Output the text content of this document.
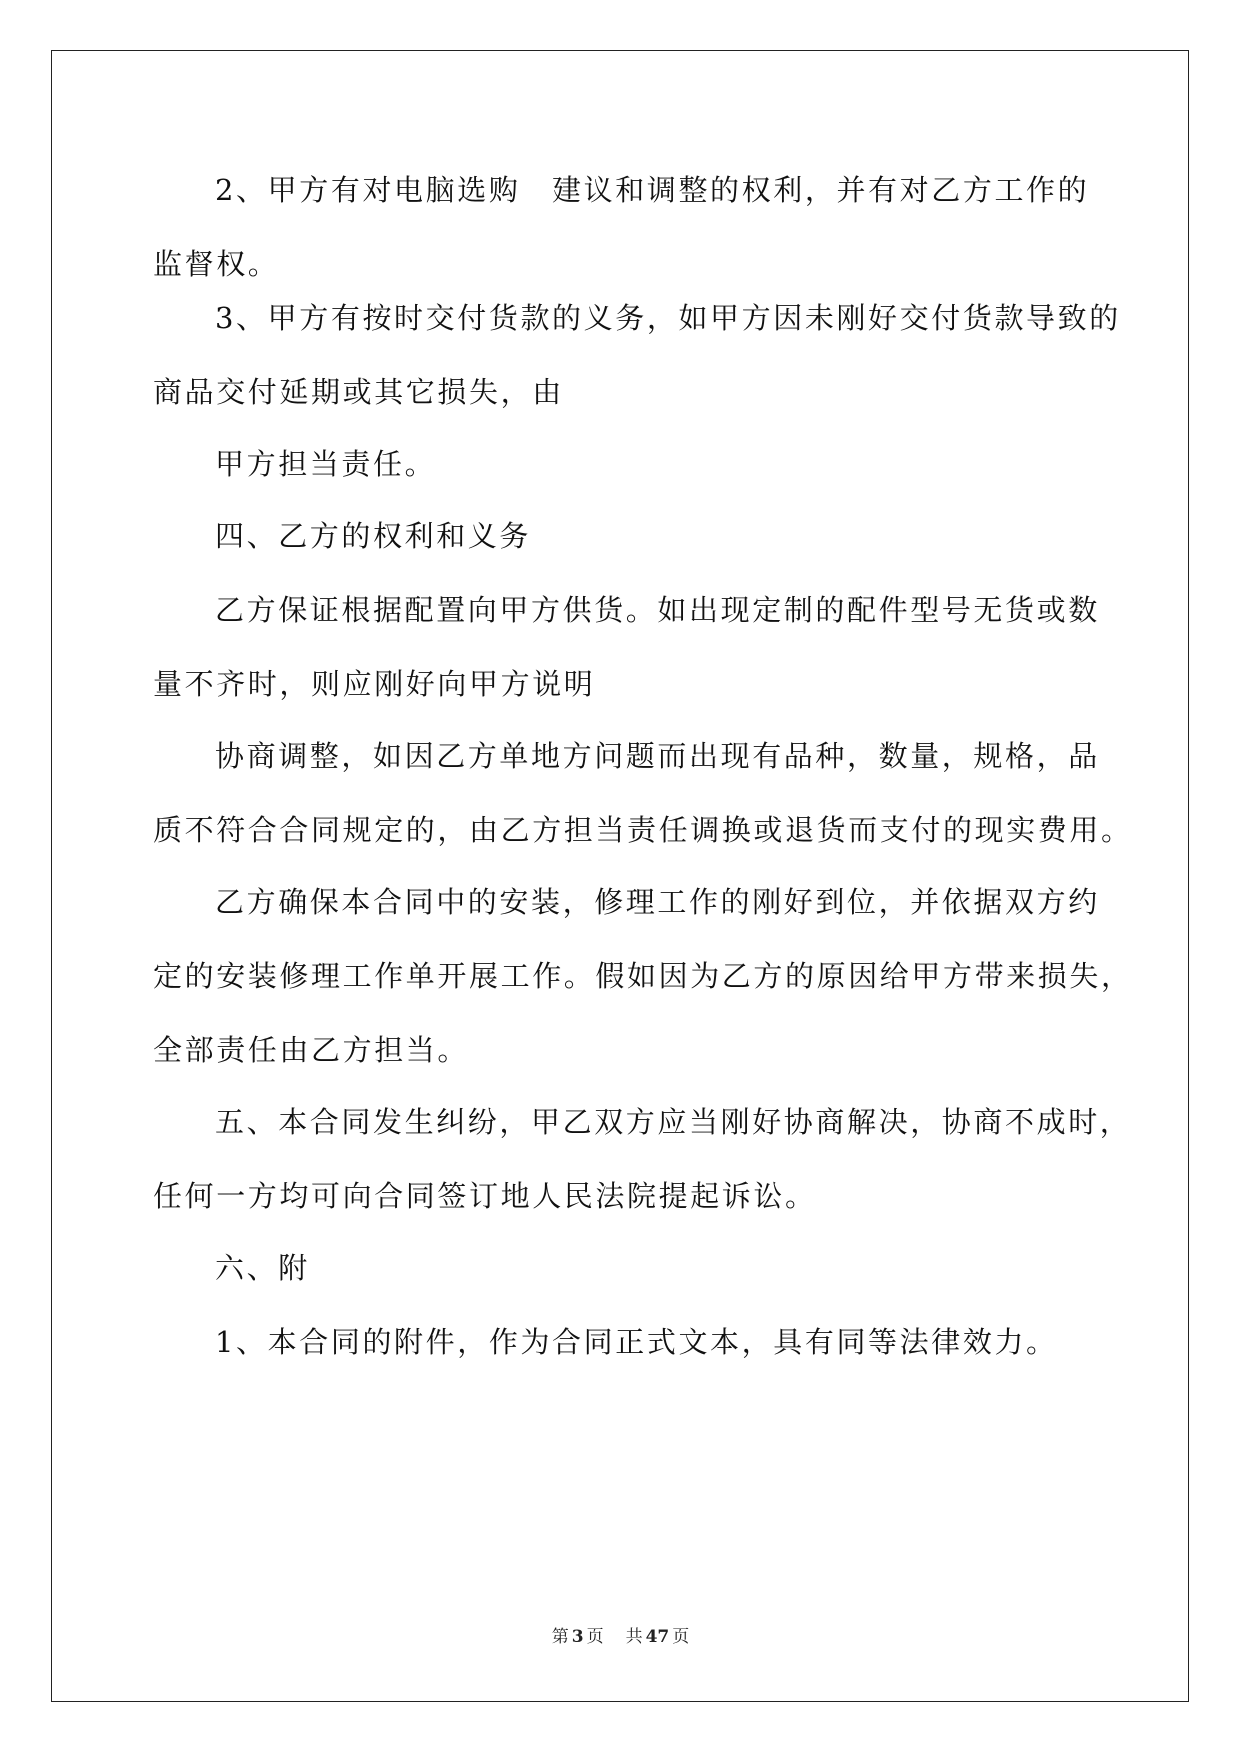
2、甲方有对电脑选购　建议和调整的权利，并有对乙方工作的
监督权。
3、甲方有按时交付货款的义务，如甲方因未刚好交付货款导致的
商品交付延期或其它损失，由
甲方担当责任。
四、乙方的权利和义务
乙方保证根据配置向甲方供货。如出现定制的配件型号无货或数
量不齐时，则应刚好向甲方说明
协商调整，如因乙方单地方问题而出现有品种，数量，规格，品
质不符合合同规定的，由乙方担当责任调换或退货而支付的现实费用。
乙方确保本合同中的安装，修理工作的刚好到位，并依据双方约
定的安装修理工作单开展工作。假如因为乙方的原因给甲方带来损失，
全部责任由乙方担当。
五、本合同发生纠纷，甲乙双方应当刚好协商解决，协商不成时，
任何一方均可向合同签订地人民法院提起诉讼。
六、附
1、本合同的附件，作为合同正式文本，具有同等法律效力。
第 3 页 共 47 页
